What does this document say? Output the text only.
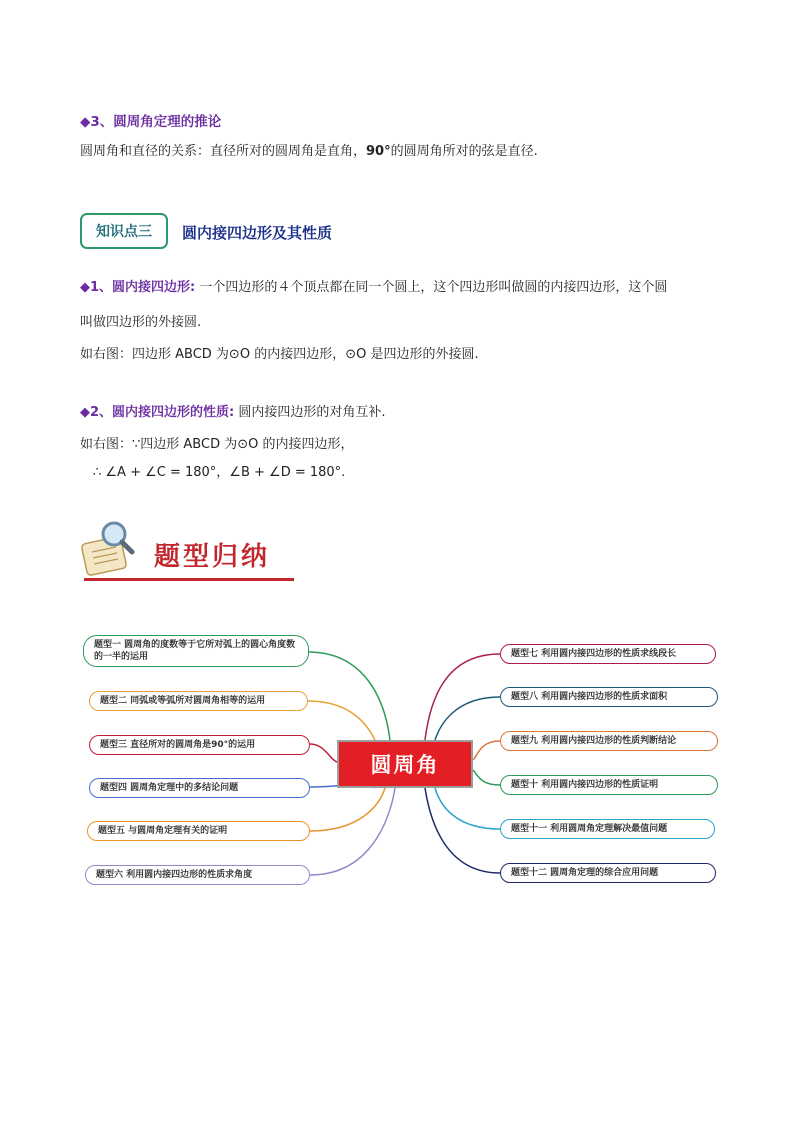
◆3、圆周角定理的推论
圆周角和直径的关系：直径所对的圆周角是直角，90°的圆周角所对的弦是直径.
知识点三	圆内接四边形及其性质
◆1、圆内接四边形: 一个四边形的４个顶点都在同一个圆上，这个四边形叫做圆的内接四边形，这个圆
叫做四边形的外接圆.
如右图：四边形 ABCD 为⊙O 的内接四边形，⊙O 是四边形的外接圆.
◆2、圆内接四边形的性质: 圆内接四边形的对角互补.
如右图：∵四边形 ABCD 为⊙O 的内接四边形，
∴ ∠A + ∠C = 180°，∠B + ∠D = 180°.
题型归纳
题型一 圆周角的度数等于它所对弧上的圆心角度数的一半的运用
题型二 同弧或等弧所对圆周角相等的运用
题型三 直径所对的圆周角是90°的运用
题型四 圆周角定理中的多结论问题
题型五 与圆周角定理有关的证明
题型六 利用圆内接四边形的性质求角度
圆周角
题型七 利用圆内接四边形的性质求线段长
题型八 利用圆内接四边形的性质求面积
题型九 利用圆内接四边形的性质判断结论
题型十 利用圆内接四边形的性质证明
题型十一 利用圆周角定理解决最值问题
题型十二 圆周角定理的综合应用问题
